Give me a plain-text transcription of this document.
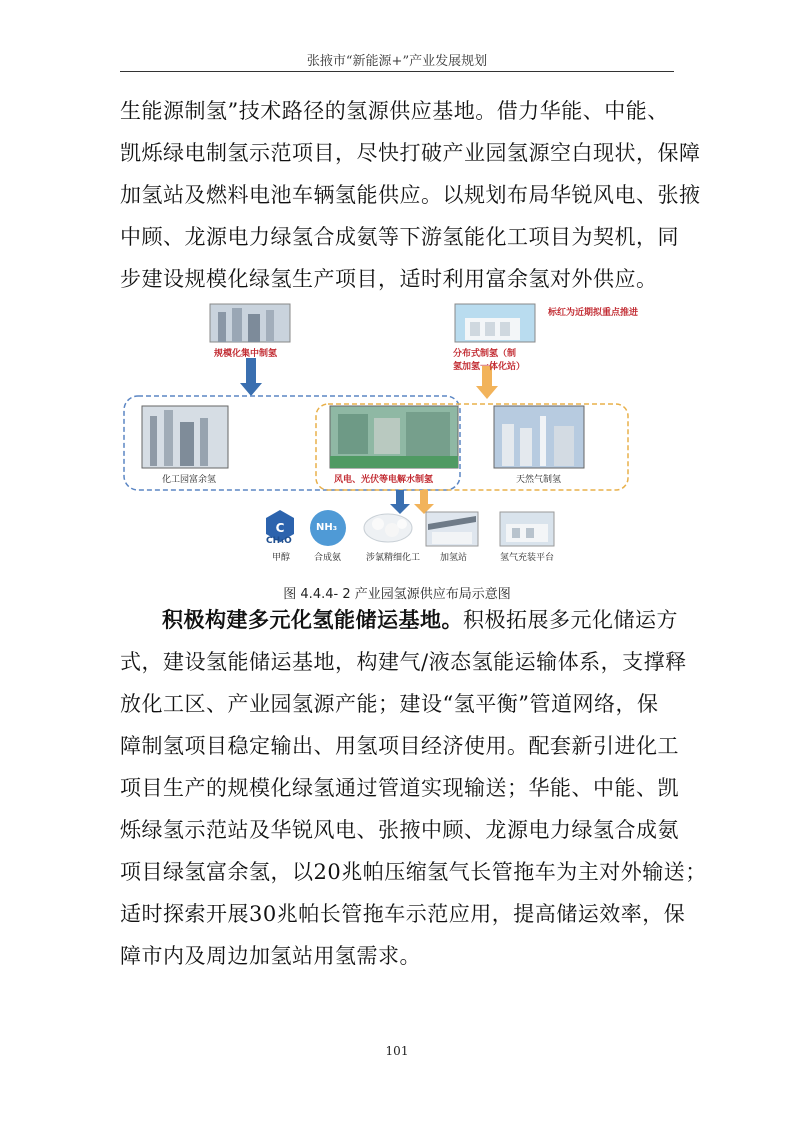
张掖市“新能源+”产业发展规划
生能源制氢”技术路径的氢源供应基地。借力华能、中能、
凯烁绿电制氢示范项目，尽快打破产业园氢源空白现状，保障
加氢站及燃料电池车辆氢能供应。以规划布局华锐风电、张掖
中顾、龙源电力绿氢合成氨等下游氢能化工项目为契机，同
步建设规模化绿氢生产项目，适时利用富余氢对外供应。
C
标红为近期拟重点推进
规模化集中制氢	分布式制氢（制
氢加氢一体化站）
化工园富余氢	风电、光伏等电解水制氢	天然气制氢
CH₄O
NH₃
甲醇	合成氨	涉氯精细化工 加氢站	氢气充装平台
图 4.4.4- 2 产业园氢源供应布局示意图
积极构建多元化氢能储运基地。积极拓展多元化储运方
式，建设氢能储运基地，构建气/液态氢能运输体系，支撑释
放化工区、产业园氢源产能；建设“氢平衡”管道网络，保
障制氢项目稳定输出、用氢项目经济使用。配套新引进化工
项目生产的规模化绿氢通过管道实现输送；华能、中能、凯
烁绿氢示范站及华锐风电、张掖中顾、龙源电力绿氢合成氨
项目绿氢富余氢，以20兆帕压缩氢气长管拖车为主对外输送；
适时探索开展30兆帕长管拖车示范应用，提高储运效率，保
障市内及周边加氢站用氢需求。
101
